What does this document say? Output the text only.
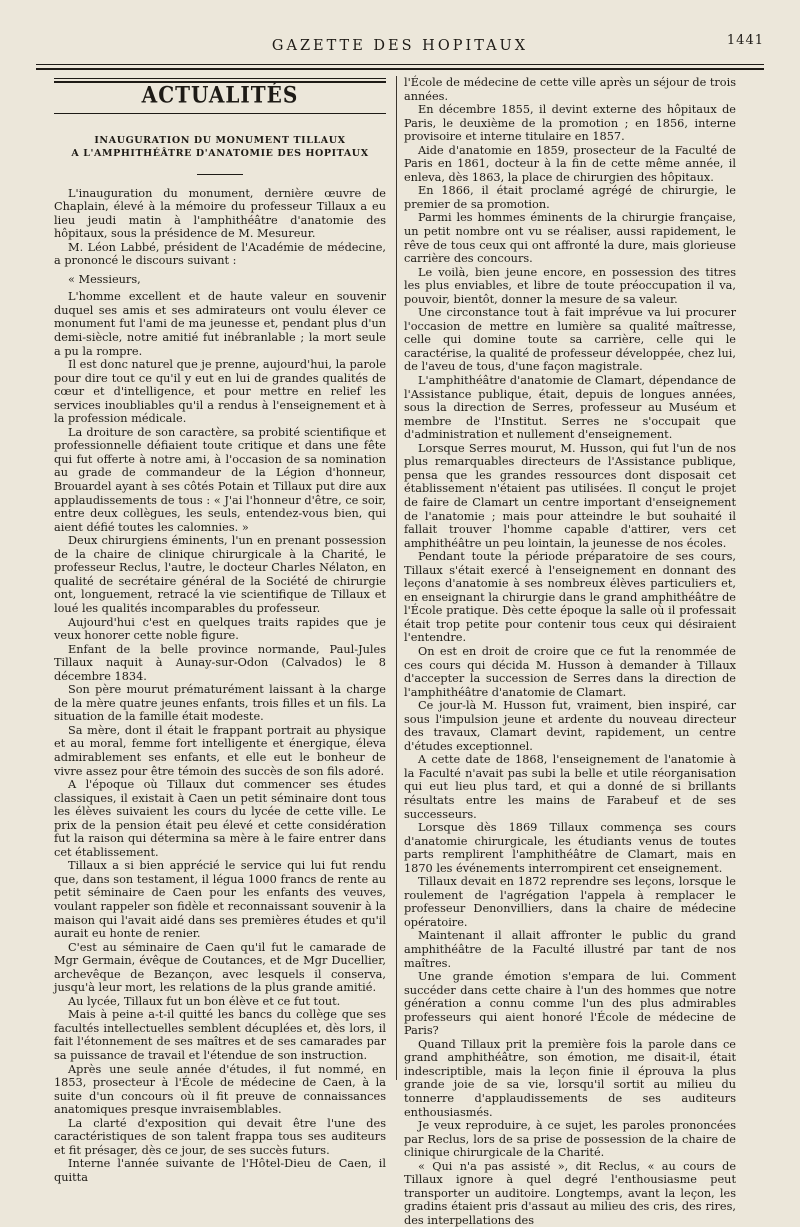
GAZETTE DES HOPITAUX	1441
ACTUALITÉS
INAUGURATION DU MONUMENT TILLAUX
A L'AMPHITHÉÂTRE D'ANATOMIE DES HOPITAUX

L'inauguration du monument, dernière œuvre de Chaplain, élevé à la mémoire du professeur Tillaux a eu lieu jeudi matin à l'amphithéâtre d'anatomie des hôpitaux, sous la présidence de M. Mesureur.

M. Léon Labbé, président de l'Académie de médecine, a prononcé le discours suivant :

« Messieurs,

L'homme excellent et de haute valeur en souvenir duquel ses amis et ses admirateurs ont voulu élever ce monument fut l'ami de ma jeunesse et, pendant plus d'un demi-siècle, notre amitié fut inébranlable ; la mort seule a pu la rompre.

Il est donc naturel que je prenne, aujourd'hui, la parole pour dire tout ce qu'il y eut en lui de grandes qualités de cœur et d'intelligence, et pour mettre en relief les services inoubliables qu'il a rendus à l'enseignement et à la profession médicale.

La droiture de son caractère, sa probité scientifique et professionnelle défiaient toute critique et dans une fête qui fut offerte à notre ami, à l'occasion de sa nomination au grade de commandeur de la Légion d'honneur, Brouardel ayant à ses côtés Potain et Tillaux put dire aux applaudissements de tous : « J'ai l'honneur d'être, ce soir, entre deux collègues, les seuls, entendez-vous bien, qui aient défié toutes les calomnies. »

Deux chirurgiens éminents, l'un en prenant possession de la chaire de clinique chirurgicale à la Charité, le professeur Reclus, l'autre, le docteur Charles Nélaton, en qualité de secrétaire général de la Société de chirurgie ont, longuement, retracé la vie scientifique de Tillaux et loué les qualités incomparables du professeur.

Aujourd'hui c'est en quelques traits rapides que je veux honorer cette noble figure.

Enfant de la belle province normande, Paul-Jules Tillaux naquit à Aunay-sur-Odon (Calvados) le 8 décembre 1834.

Son père mourut prématurément laissant à la charge de la mère quatre jeunes enfants, trois filles et un fils. La situation de la famille était modeste.

Sa mère, dont il était le frappant portrait au physique et au moral, femme fort intelligente et énergique, éleva admirablement ses enfants, et elle eut le bonheur de vivre assez pour être témoin des succès de son fils adoré.

A l'époque où Tillaux dut commencer ses études classiques, il existait à Caen un petit séminaire dont tous les élèves suivaient les cours du lycée de cette ville. Le prix de la pension était peu élevé et cette considération fut la raison qui détermina sa mère à le faire entrer dans cet établissement.

Tillaux a si bien apprécié le service qui lui fut rendu que, dans son testament, il légua 1000 francs de rente au petit séminaire de Caen pour les enfants des veuves, voulant rappeler son fidèle et reconnaissant souvenir à la maison qui l'avait aidé dans ses premières études et qu'il aurait eu honte de renier.

C'est au séminaire de Caen qu'il fut le camarade de Mgr Germain, évêque de Coutances, et de Mgr Ducellier, archevêque de Bezançon, avec lesquels il conserva, jusqu'à leur mort, les relations de la plus grande amitié.

Au lycée, Tillaux fut un bon élève et ce fut tout.

Mais à peine a-t-il quitté les bancs du collège que ses facultés intellectuelles semblent décuplées et, dès lors, il fait l'étonnement de ses maîtres et de ses camarades par sa puissance de travail et l'étendue de son instruction.

Après une seule année d'études, il fut nommé, en 1853, prosecteur à l'École de médecine de Caen, à la suite d'un concours où il fit preuve de connaissances anatomiques presque invraisemblables.

La clarté d'exposition qui devait être l'une des caractéristiques de son talent frappa tous ses auditeurs et fit présager, dès ce jour, de ses succès futurs.

Interne l'année suivante de l'Hôtel-Dieu de Caen, il quitta

l'École de médecine de cette ville après un séjour de trois années.

En décembre 1855, il devint externe des hôpitaux de Paris, le deuxième de la promotion ; en 1856, interne provisoire et interne titulaire en 1857.

Aide d'anatomie en 1859, prosecteur de la Faculté de Paris en 1861, docteur à la fin de cette même année, il enleva, dès 1863, la place de chirurgien des hôpitaux.

En 1866, il était proclamé agrégé de chirurgie, le premier de sa promotion.

Parmi les hommes éminents de la chirurgie française, un petit nombre ont vu se réaliser, aussi rapidement, le rêve de tous ceux qui ont affronté la dure, mais glorieuse carrière des concours.

Le voilà, bien jeune encore, en possession des titres les plus enviables, et libre de toute préoccupation il va, pouvoir, bientôt, donner la mesure de sa valeur.

Une circonstance tout à fait imprévue va lui procurer l'occasion de mettre en lumière sa qualité maîtresse, celle qui domine toute sa carrière, celle qui le caractérise, la qualité de professeur développée, chez lui, de l'aveu de tous, d'une façon magistrale.

L'amphithéâtre d'anatomie de Clamart, dépendance de l'Assistance publique, était, depuis de longues années, sous la direction de Serres, professeur au Muséum et membre de l'Institut. Serres ne s'occupait que d'administration et nullement d'enseignement.

Lorsque Serres mourut, M. Husson, qui fut l'un de nos plus remarquables directeurs de l'Assistance publique, pensa que les grandes ressources dont disposait cet établissement n'étaient pas utilisées. Il conçut le projet de faire de Clamart un centre important d'enseignement de l'anatomie ; mais pour atteindre le but souhaité il fallait trouver l'homme capable d'attirer, vers cet amphithéâtre un peu lointain, la jeunesse de nos écoles.

Pendant toute la période préparatoire de ses cours, Tillaux s'était exercé à l'enseignement en donnant des leçons d'anatomie à ses nombreux élèves particuliers et, en enseignant la chirurgie dans le grand amphithéâtre de l'École pratique. Dès cette époque la salle où il professait était trop petite pour contenir tous ceux qui désiraient l'entendre.

On est en droit de croire que ce fut la renommée de ces cours qui décida M. Husson à demander à Tillaux d'accepter la succession de Serres dans la direction de l'amphithéâtre d'anatomie de Clamart.

Ce jour-là M. Husson fut, vraiment, bien inspiré, car sous l'impulsion jeune et ardente du nouveau directeur des travaux, Clamart devint, rapidement, un centre d'études exceptionnel.

A cette date de 1868, l'enseignement de l'anatomie à la Faculté n'avait pas subi la belle et utile réorganisation qui eut lieu plus tard, et qui a donné de si brillants résultats entre les mains de Farabeuf et de ses successeurs.

Lorsque dès 1869 Tillaux commença ses cours d'anatomie chirurgicale, les étudiants venus de toutes parts remplirent l'amphithéâtre de Clamart, mais en 1870 les événements interrompirent cet enseignement.

Tillaux devait en 1872 reprendre ses leçons, lorsque le roulement de l'agrégation l'appela à remplacer le professeur Denonvilliers, dans la chaire de médecine opératoire.

Maintenant il allait affronter le public du grand amphithéâtre de la Faculté illustré par tant de nos maîtres.

Une grande émotion s'empara de lui. Comment succéder dans cette chaire à l'un des hommes que notre génération a connu comme l'un des plus admirables professeurs qui aient honoré l'École de médecine de Paris?

Quand Tillaux prit la première fois la parole dans ce grand amphithéâtre, son émotion, me disait-il, était indescriptible, mais la leçon finie il éprouva la plus grande joie de sa vie, lorsqu'il sortit au milieu du tonnerre d'applaudissements de ses auditeurs enthousiasmés.

Je veux reproduire, à ce sujet, les paroles prononcées par Reclus, lors de sa prise de possession de la chaire de clinique chirurgicale de la Charité.

« Qui n'a pas assisté », dit Reclus, « au cours de Tillaux ignore à quel degré l'enthousiasme peut transporter un auditoire. Longtemps, avant la leçon, les gradins étaient pris d'assaut au milieu des cris, des rires, des interpellations des
